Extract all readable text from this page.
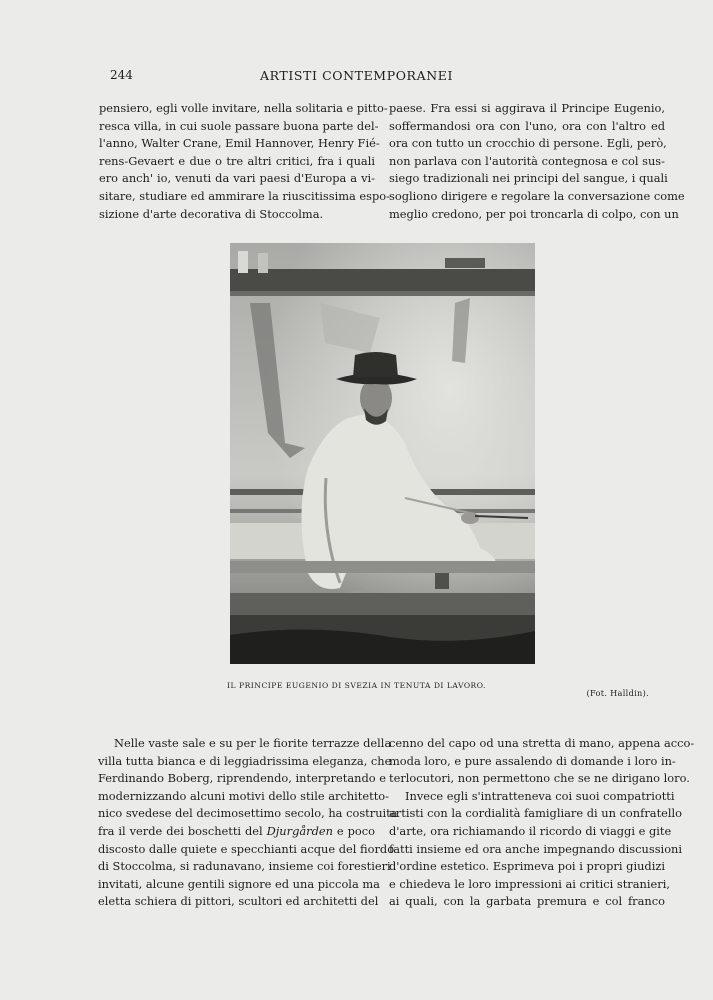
244	ARTISTI CONTEMPORANEI
pensiero, egli volle invitare, nella solitaria e pitto-
resca villa, in cui suole passare buona parte del-
l'anno, Walter Crane, Emil Hannover, Henry Fié-
rens-Gevaert e due o tre altri critici, fra i quali
ero anch' io, venuti da vari paesi d'Europa a vi-
sitare, studiare ed ammirare la riuscitissima espo-
sizione d'arte decorativa di Stoccolma.
paese. Fra essi si aggirava il Principe Eugenio,
soffermandosi ora con l'uno, ora con l'altro ed
ora con tutto un crocchio di persone. Egli, però,
non parlava con l'autorità contegnosa e col sus-
siego tradizionali nei principi del sangue, i quali
sogliono dirigere e regolare la conversazione come
meglio credono, per poi troncarla di colpo, con un
IL PRINCIPE EUGENIO DI SVEZIA IN TENUTA DI LAVORO.
(Fot. Halldin).
Nelle vaste sale e su per le fiorite terrazze della
villa tutta bianca e di leggiadrissima eleganza, che
Ferdinando Boberg, riprendendo, interpretando e
modernizzando alcuni motivi dello stile architetto-
nico svedese del decimosettimo secolo, ha costruita
fra il verde dei boschetti del Djurgården e poco
discosto dalle quiete e specchianti acque del fiordo
di Stoccolma, si radunavano, insieme coi forestieri
invitati, alcune gentili signore ed una piccola ma
eletta schiera di pittori, scultori ed architetti del
cenno del capo od una stretta di mano, appena acco-
moda loro, e pure assalendo di domande i loro in-
terlocutori, non permettono che se ne dirigano loro.
Invece egli s'intratteneva coi suoi compatriotti
artisti con la cordialità famigliare di un confratello
d'arte, ora richiamando il ricordo di viaggi e gite
fatti insieme ed ora anche impegnando discussioni
d'ordine estetico. Esprimeva poi i propri giudizi
e chiedeva le loro impressioni ai critici stranieri,
ai quali, con la garbata premura e col franco
